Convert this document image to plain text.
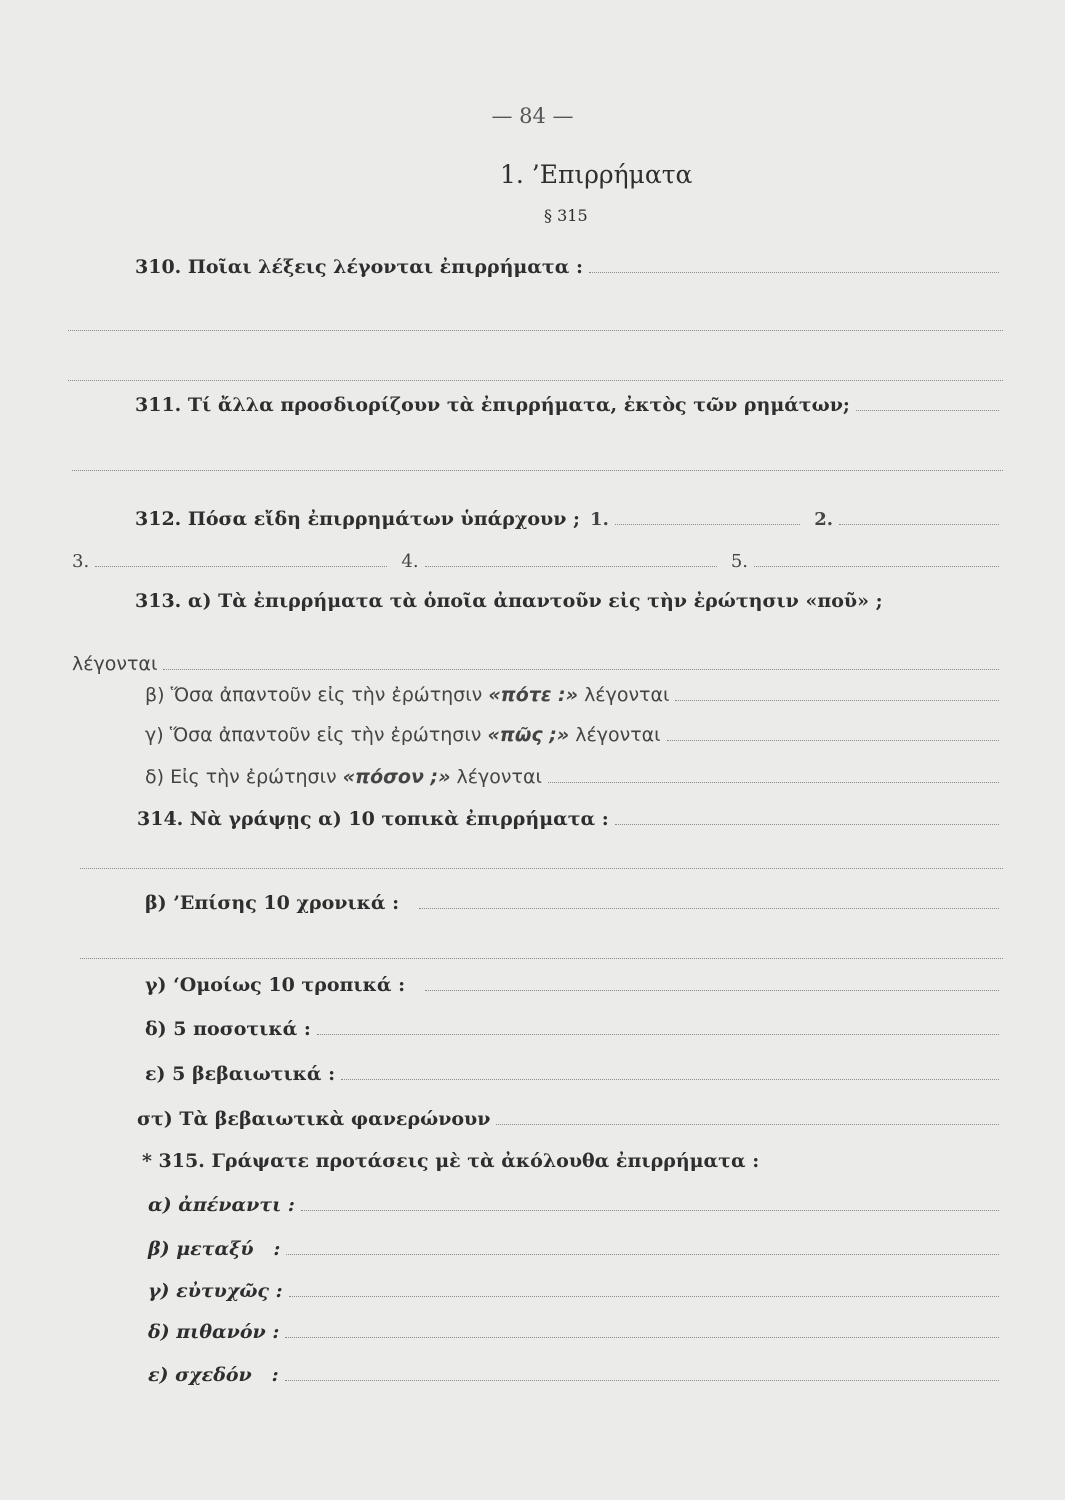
— 84 —
1. ’Επιρρήματα
§ 315
310. Ποῖαι λέξεις λέγονται ἐπιρρήματα :
311. Τί ἄλλα προσδιορίζουν τὰ ἐπιρρήματα, ἐκτὸς τῶν ρημάτων;
312. Πόσα εἴδη ἐπιρρημάτων ὑπάρχουν ; 1.	2.
3.	4.	5.
313. α) Τὰ ἐπιρρήματα τὰ ὁποῖα ἀπαντοῦν εἰς τὴν ἐρώτησιν «ποῦ» ;
λέγονται
β) Ὅσα ἀπαντοῦν εἰς τὴν ἐρώτησιν
«πότε :»
λέγονται
γ) Ὅσα ἀπαντοῦν εἰς τὴν ἐρώτησιν
«πῶς ;»
λέγονται
δ) Εἰς τὴν ἐρώτησιν
«πόσον ;»
λέγονται
314. Νὰ γράψῃς α) 10 τοπικὰ ἐπιρρήματα :
β) ’Επίσης 10 χρονικά :
γ) ‘Ομοίως 10 τροπικά :
δ) 5 ποσοτικά :
ε) 5 βεβαιωτικά :
στ) Τὰ βεβαιωτικὰ φανερώνουν
* 315. Γράψατε προτάσεις μὲ τὰ ἀκόλουθα ἐπιρρήματα :
α) ἀπέναντι :
β) μεταξύ   :
γ) εὐτυχῶς :
δ) πιθανόν :
ε) σχεδόν   :
